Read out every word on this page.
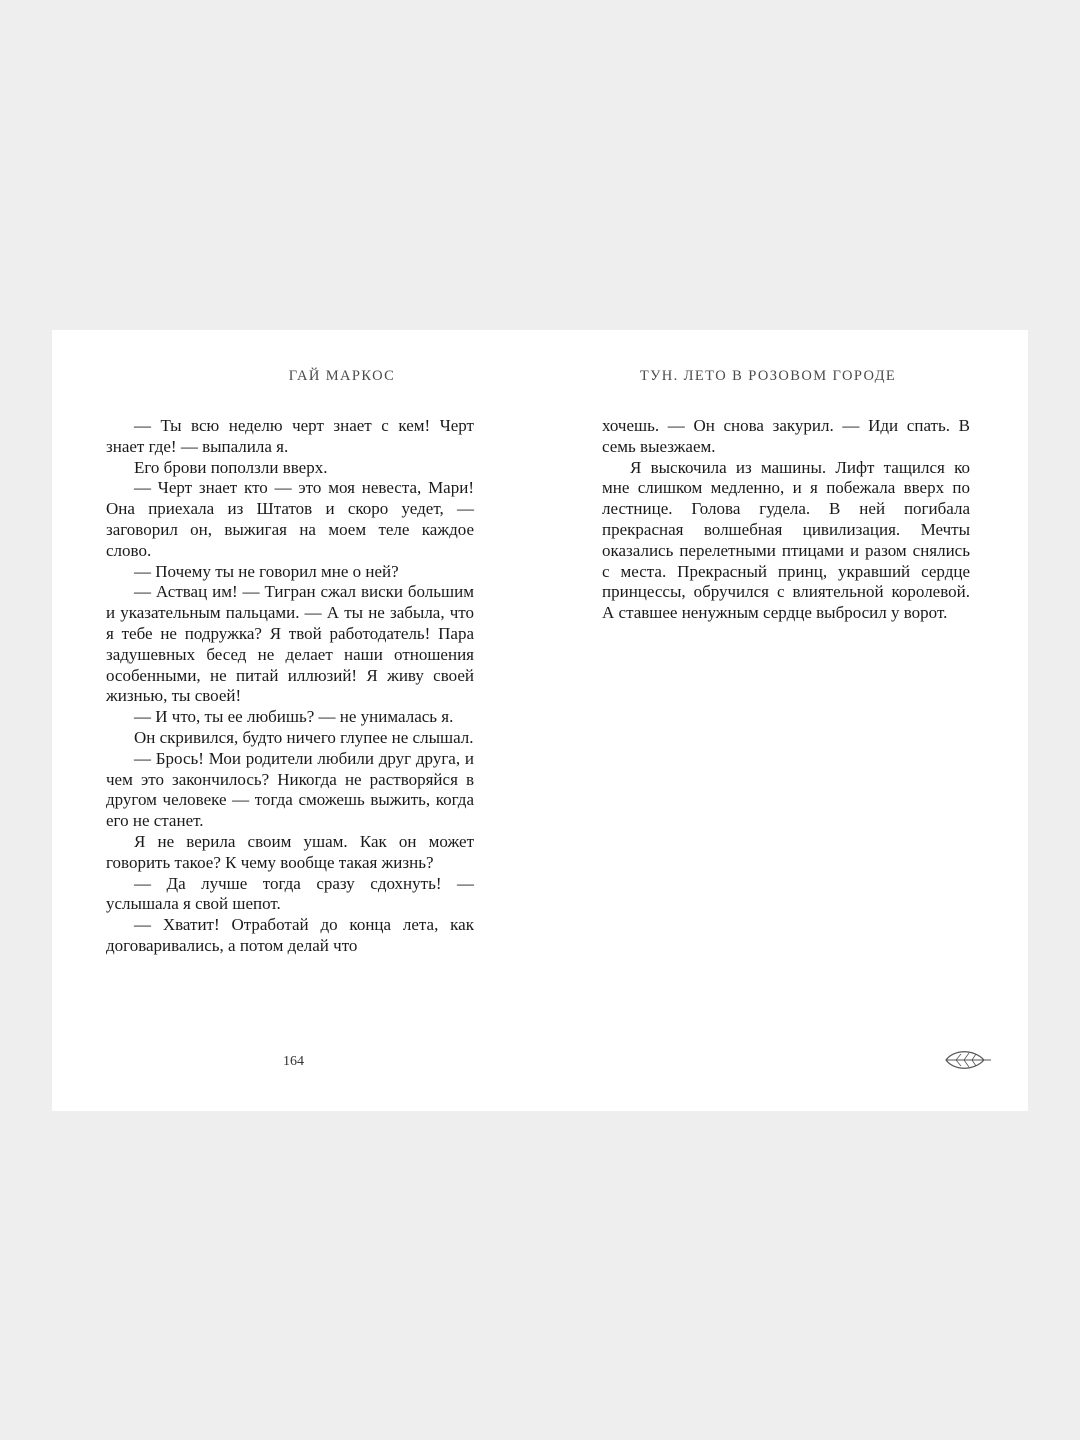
ГАЙ МАРКОС	ТУН. ЛЕТО В РОЗОВОМ ГОРОДЕ

— Ты всю неделю черт знает с кем! Черт знает где! — выпалила я.

Его брови поползли вверх.

— Черт знает кто — это моя невеста, Мари! Она приехала из Штатов и скоро уедет, — заговорил он, выжигая на моем теле каждое слово.

— Почему ты не говорил мне о ней?

— Аствац им! — Тигран сжал виски большим и указательным пальцами. — А ты не забыла, что я тебе не подружка? Я твой работодатель! Пара задушевных бесед не делает наши отношения особенными, не питай иллюзий! Я живу своей жизнью, ты своей!

— И что, ты ее любишь? — не унималась я.

Он скривился, будто ничего глупее не слышал.

— Брось! Мои родители любили друг друга, и чем это закончилось? Никогда не растворяйся в другом человеке — тогда сможешь выжить, когда его не станет.

Я не верила своим ушам. Как он может говорить такое? К чему вообще такая жизнь?

— Да лучше тогда сразу сдохнуть! — услышала я свой шепот.

— Хватит! Отработай до конца лета, как договаривались, а потом делай что

хочешь. — Он снова закурил. — Иди спать. В семь выезжаем.

Я выскочила из машины. Лифт тащился ко мне слишком медленно, и я побежала вверх по лестнице. Голова гудела. В ней погибала прекрасная волшебная цивилизация. Мечты оказались перелетными птицами и разом снялись с места. Прекрасный принц, укравший сердце принцессы, обручился с влиятельной королевой. А ставшее ненужным сердце выбросил у ворот.

164
